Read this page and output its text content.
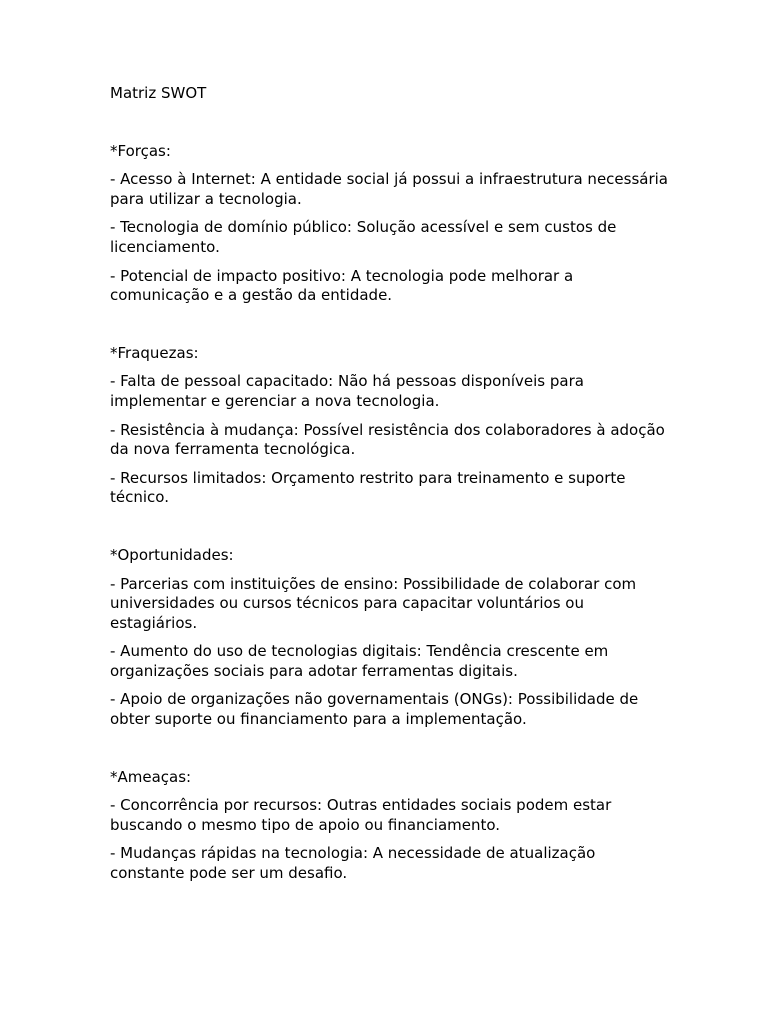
Matriz SWOT
*Forças:

- Acesso à Internet: A entidade social já possui a infraestrutura necessária para utilizar a tecnologia.

- Tecnologia de domínio público: Solução acessível e sem custos de licenciamento.

- Potencial de impacto positivo: A tecnologia pode melhorar a comunicação e a gestão da entidade.

*Fraquezas:

- Falta de pessoal capacitado: Não há pessoas disponíveis para implementar e gerenciar a nova tecnologia.

- Resistência à mudança: Possível resistência dos colaboradores à adoção da nova ferramenta tecnológica.

- Recursos limitados: Orçamento restrito para treinamento e suporte técnico.

*Oportunidades:

- Parcerias com instituições de ensino: Possibilidade de colaborar com universidades ou cursos técnicos para capacitar voluntários ou estagiários.

- Aumento do uso de tecnologias digitais: Tendência crescente em organizações sociais para adotar ferramentas digitais.

- Apoio de organizações não governamentais (ONGs): Possibilidade de obter suporte ou financiamento para a implementação.

*Ameaças:

- Concorrência por recursos: Outras entidades sociais podem estar buscando o mesmo tipo de apoio ou financiamento.

- Mudanças rápidas na tecnologia: A necessidade de atualização constante pode ser um desafio.
